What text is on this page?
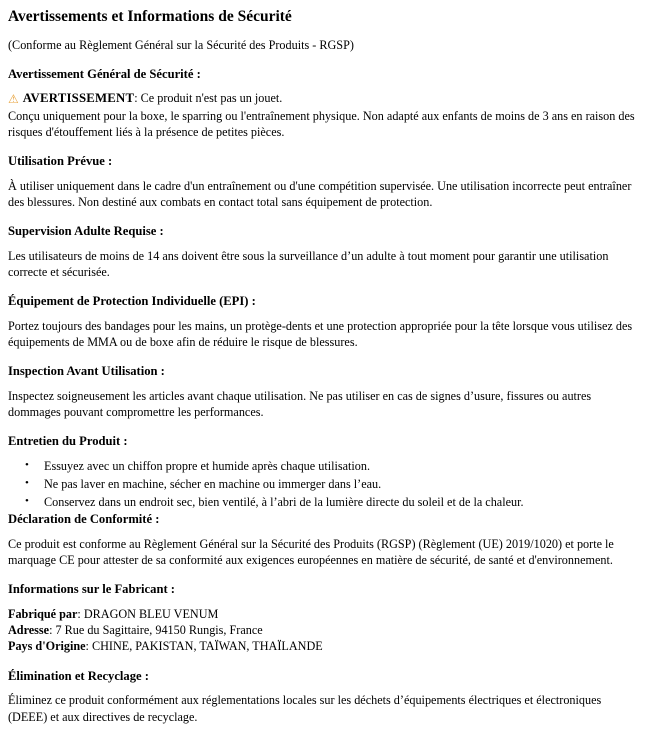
Avertissements et Informations de Sécurité

(Conforme au Règlement Général sur la Sécurité des Produits - RGSP)

Avertissement Général de Sécurité :

⚠ AVERTISSEMENT: Ce produit n'est pas un jouet.

Conçu uniquement pour la boxe, le sparring ou l'entraînement physique. Non adapté aux enfants de moins de 3 ans en raison des risques d'étouffement liés à la présence de petites pièces.

Utilisation Prévue :

À utiliser uniquement dans le cadre d'un entraînement ou d'une compétition supervisée. Une utilisation incorrecte peut entraîner des blessures. Non destiné aux combats en contact total sans équipement de protection.

Supervision Adulte Requise :

Les utilisateurs de moins de 14 ans doivent être sous la surveillance d’un adulte à tout moment pour garantir une utilisation correcte et sécurisée.

Équipement de Protection Individuelle (EPI) :

Portez toujours des bandages pour les mains, un protège-dents et une protection appropriée pour la tête lorsque vous utilisez des équipements de MMA ou de boxe afin de réduire le risque de blessures.

Inspection Avant Utilisation :

Inspectez soigneusement les articles avant chaque utilisation. Ne pas utiliser en cas de signes d’usure, fissures ou autres dommages pouvant compromettre les performances.

Entretien du Produit :
• Essuyez avec un chiffon propre et humide après chaque utilisation.
• Ne pas laver en machine, sécher en machine ou immerger dans l’eau.
• Conservez dans un endroit sec, bien ventilé, à l’abri de la lumière directe du soleil et de la chaleur.
Déclaration de Conformité :

Ce produit est conforme au Règlement Général sur la Sécurité des Produits (RGSP) (Règlement (UE) 2019/1020) et porte le marquage CE pour attester de sa conformité aux exigences européennes en matière de sécurité, de santé et d'environnement.

Informations sur le Fabricant :

Fabriqué par: DRAGON BLEU VENUM

Adresse: 7 Rue du Sagittaire, 94150 Rungis, France

Pays d'Origine: CHINE, PAKISTAN, TAÏWAN, THAÏLANDE

Élimination et Recyclage :

Éliminez ce produit conformément aux réglementations locales sur les déchets d’équipements électriques et électroniques (DEEE) et aux directives de recyclage.
